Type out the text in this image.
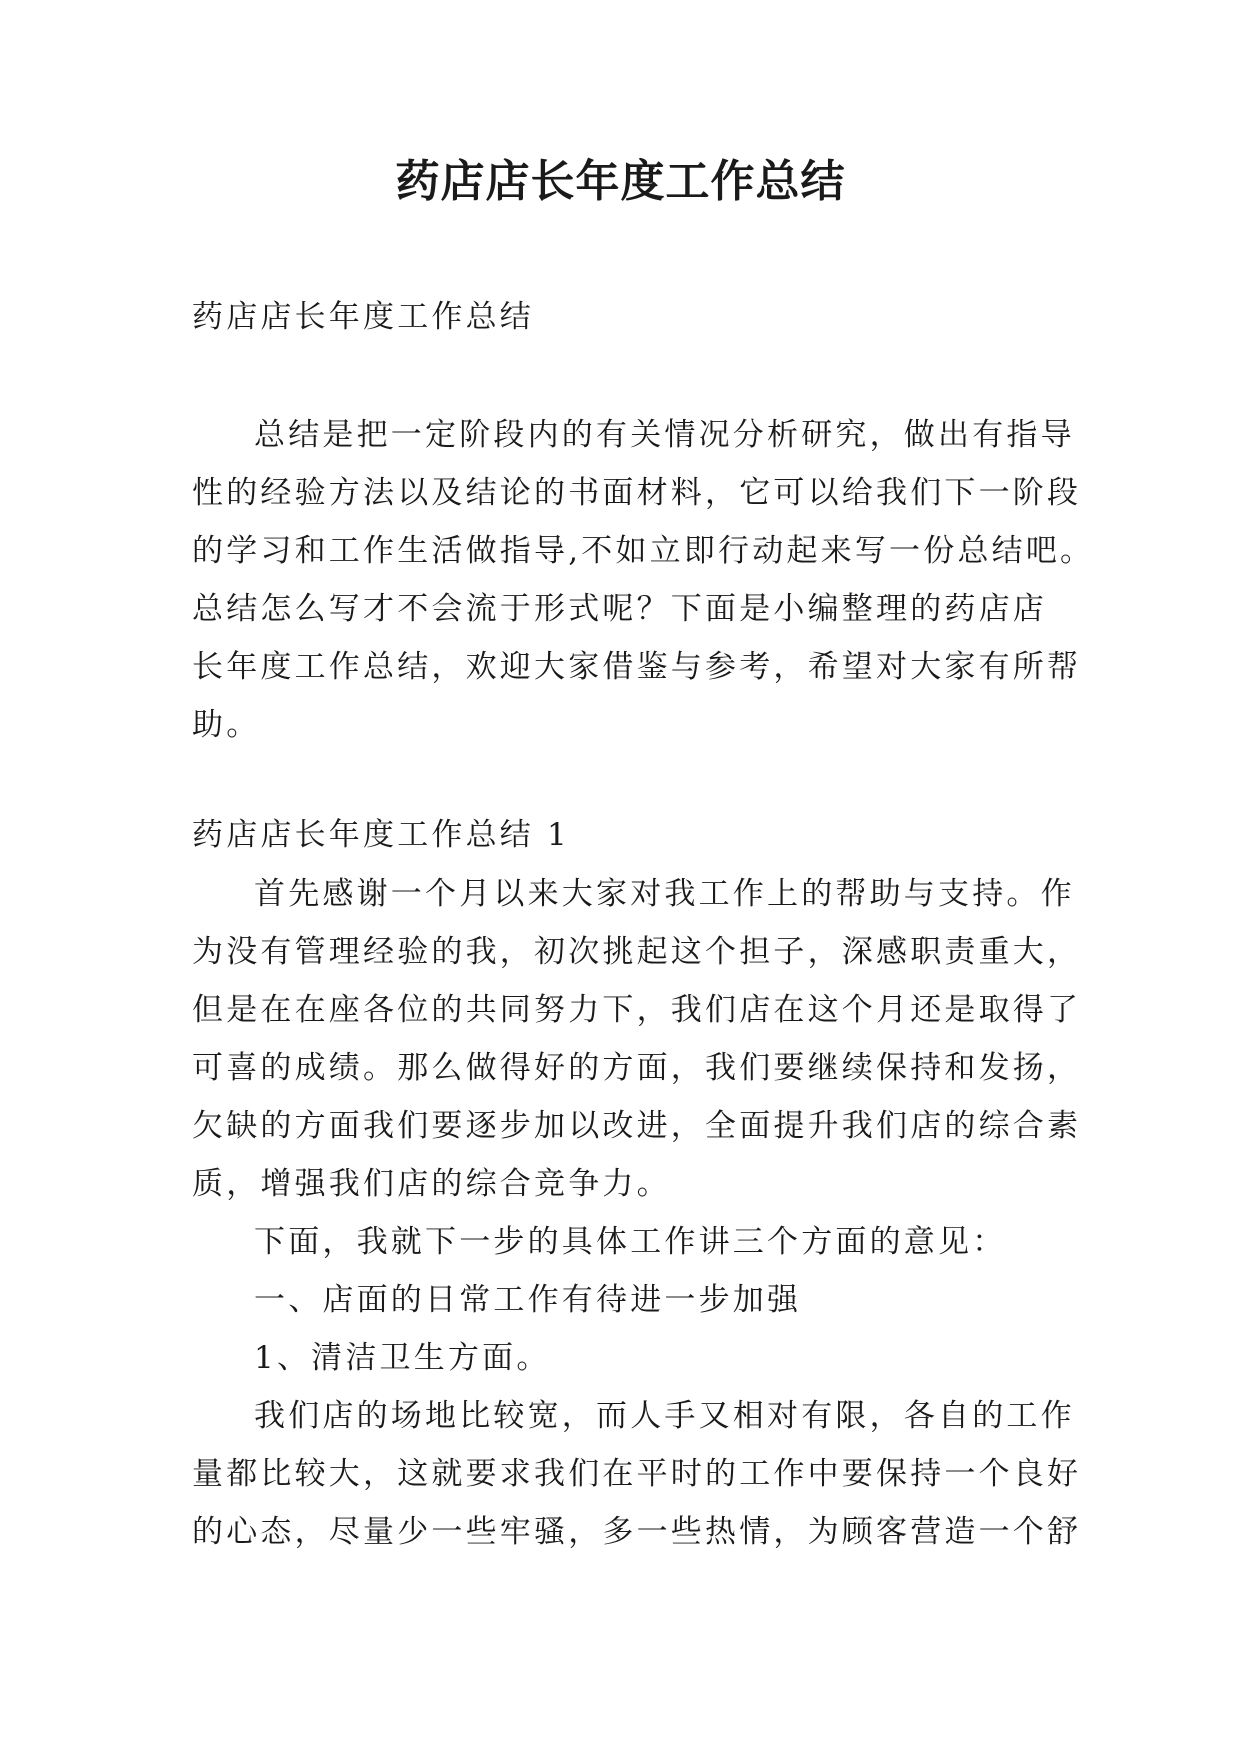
药店店长年度工作总结

药店店长年度工作总结

总结是把一定阶段内的有关情况分析研究，做出有指导

性的经验方法以及结论的书面材料，它可以给我们下一阶段

的学习和工作生活做指导,不如立即行动起来写一份总结吧。

总结怎么写才不会流于形式呢？下面是小编整理的药店店

长年度工作总结，欢迎大家借鉴与参考，希望对大家有所帮

助。

药店店长年度工作总结 1

首先感谢一个月以来大家对我工作上的帮助与支持。作

为没有管理经验的我，初次挑起这个担子，深感职责重大，

但是在在座各位的共同努力下，我们店在这个月还是取得了

可喜的成绩。那么做得好的方面，我们要继续保持和发扬，

欠缺的方面我们要逐步加以改进，全面提升我们店的综合素

质，增强我们店的综合竞争力。

下面，我就下一步的具体工作讲三个方面的意见：

一、店面的日常工作有待进一步加强

1、清洁卫生方面。

我们店的场地比较宽，而人手又相对有限，各自的工作

量都比较大，这就要求我们在平时的工作中要保持一个良好

的心态，尽量少一些牢骚，多一些热情，为顾客营造一个舒
